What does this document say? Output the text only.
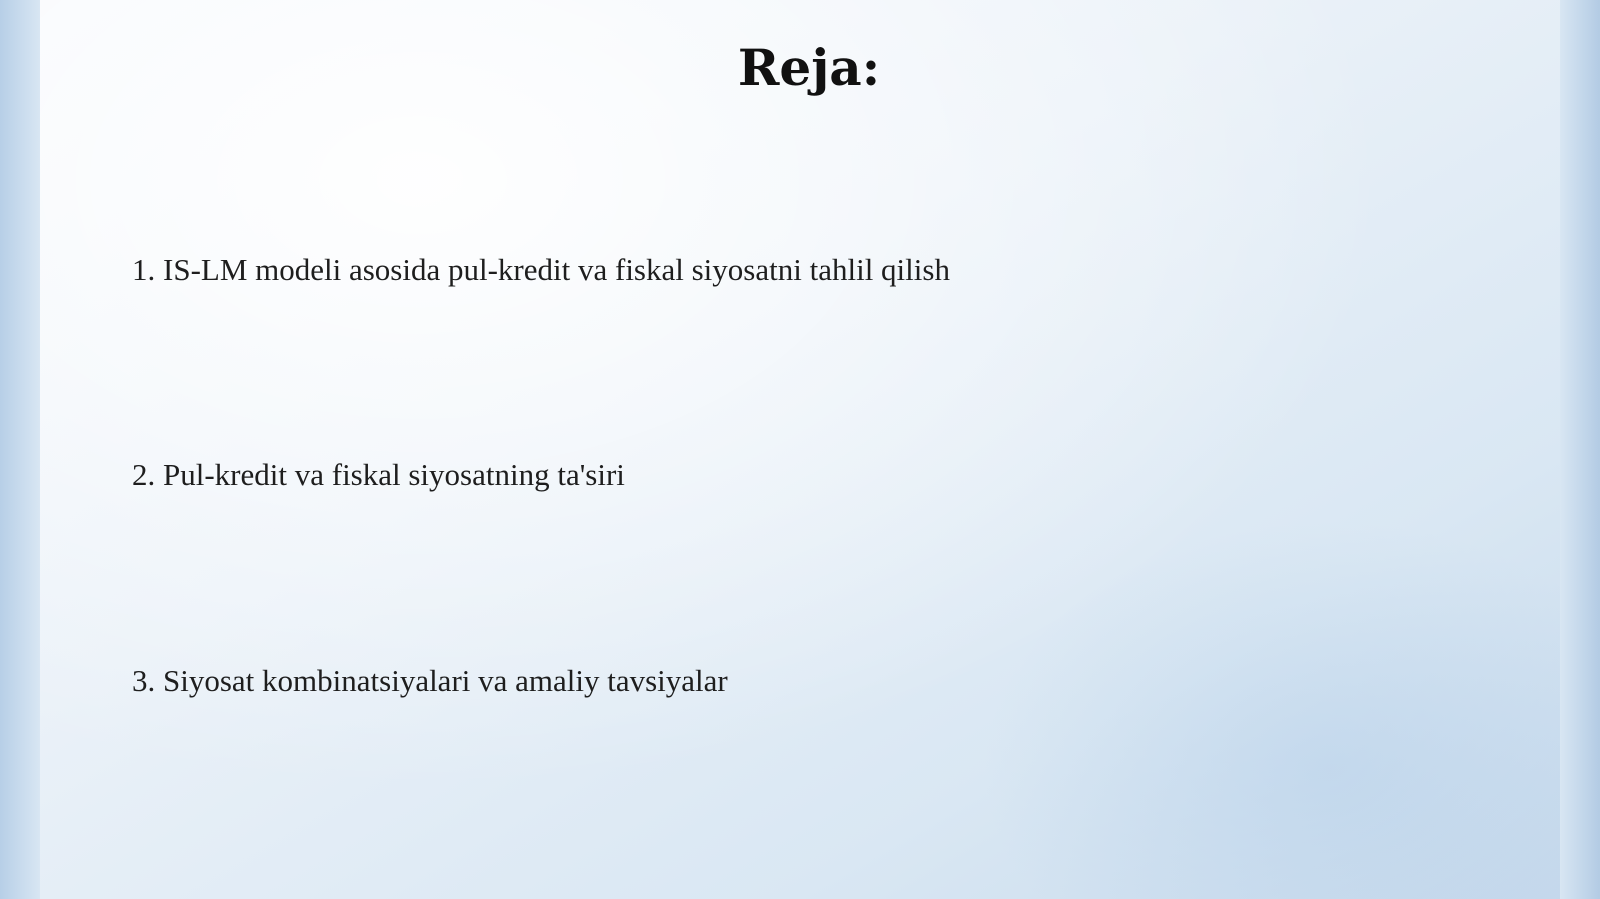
Reja:
1. IS-LM modeli asosida pul-kredit va fiskal siyosatni tahlil qilish
2. Pul-kredit va fiskal siyosatning ta'siri
3. Siyosat kombinatsiyalari va amaliy tavsiyalar
